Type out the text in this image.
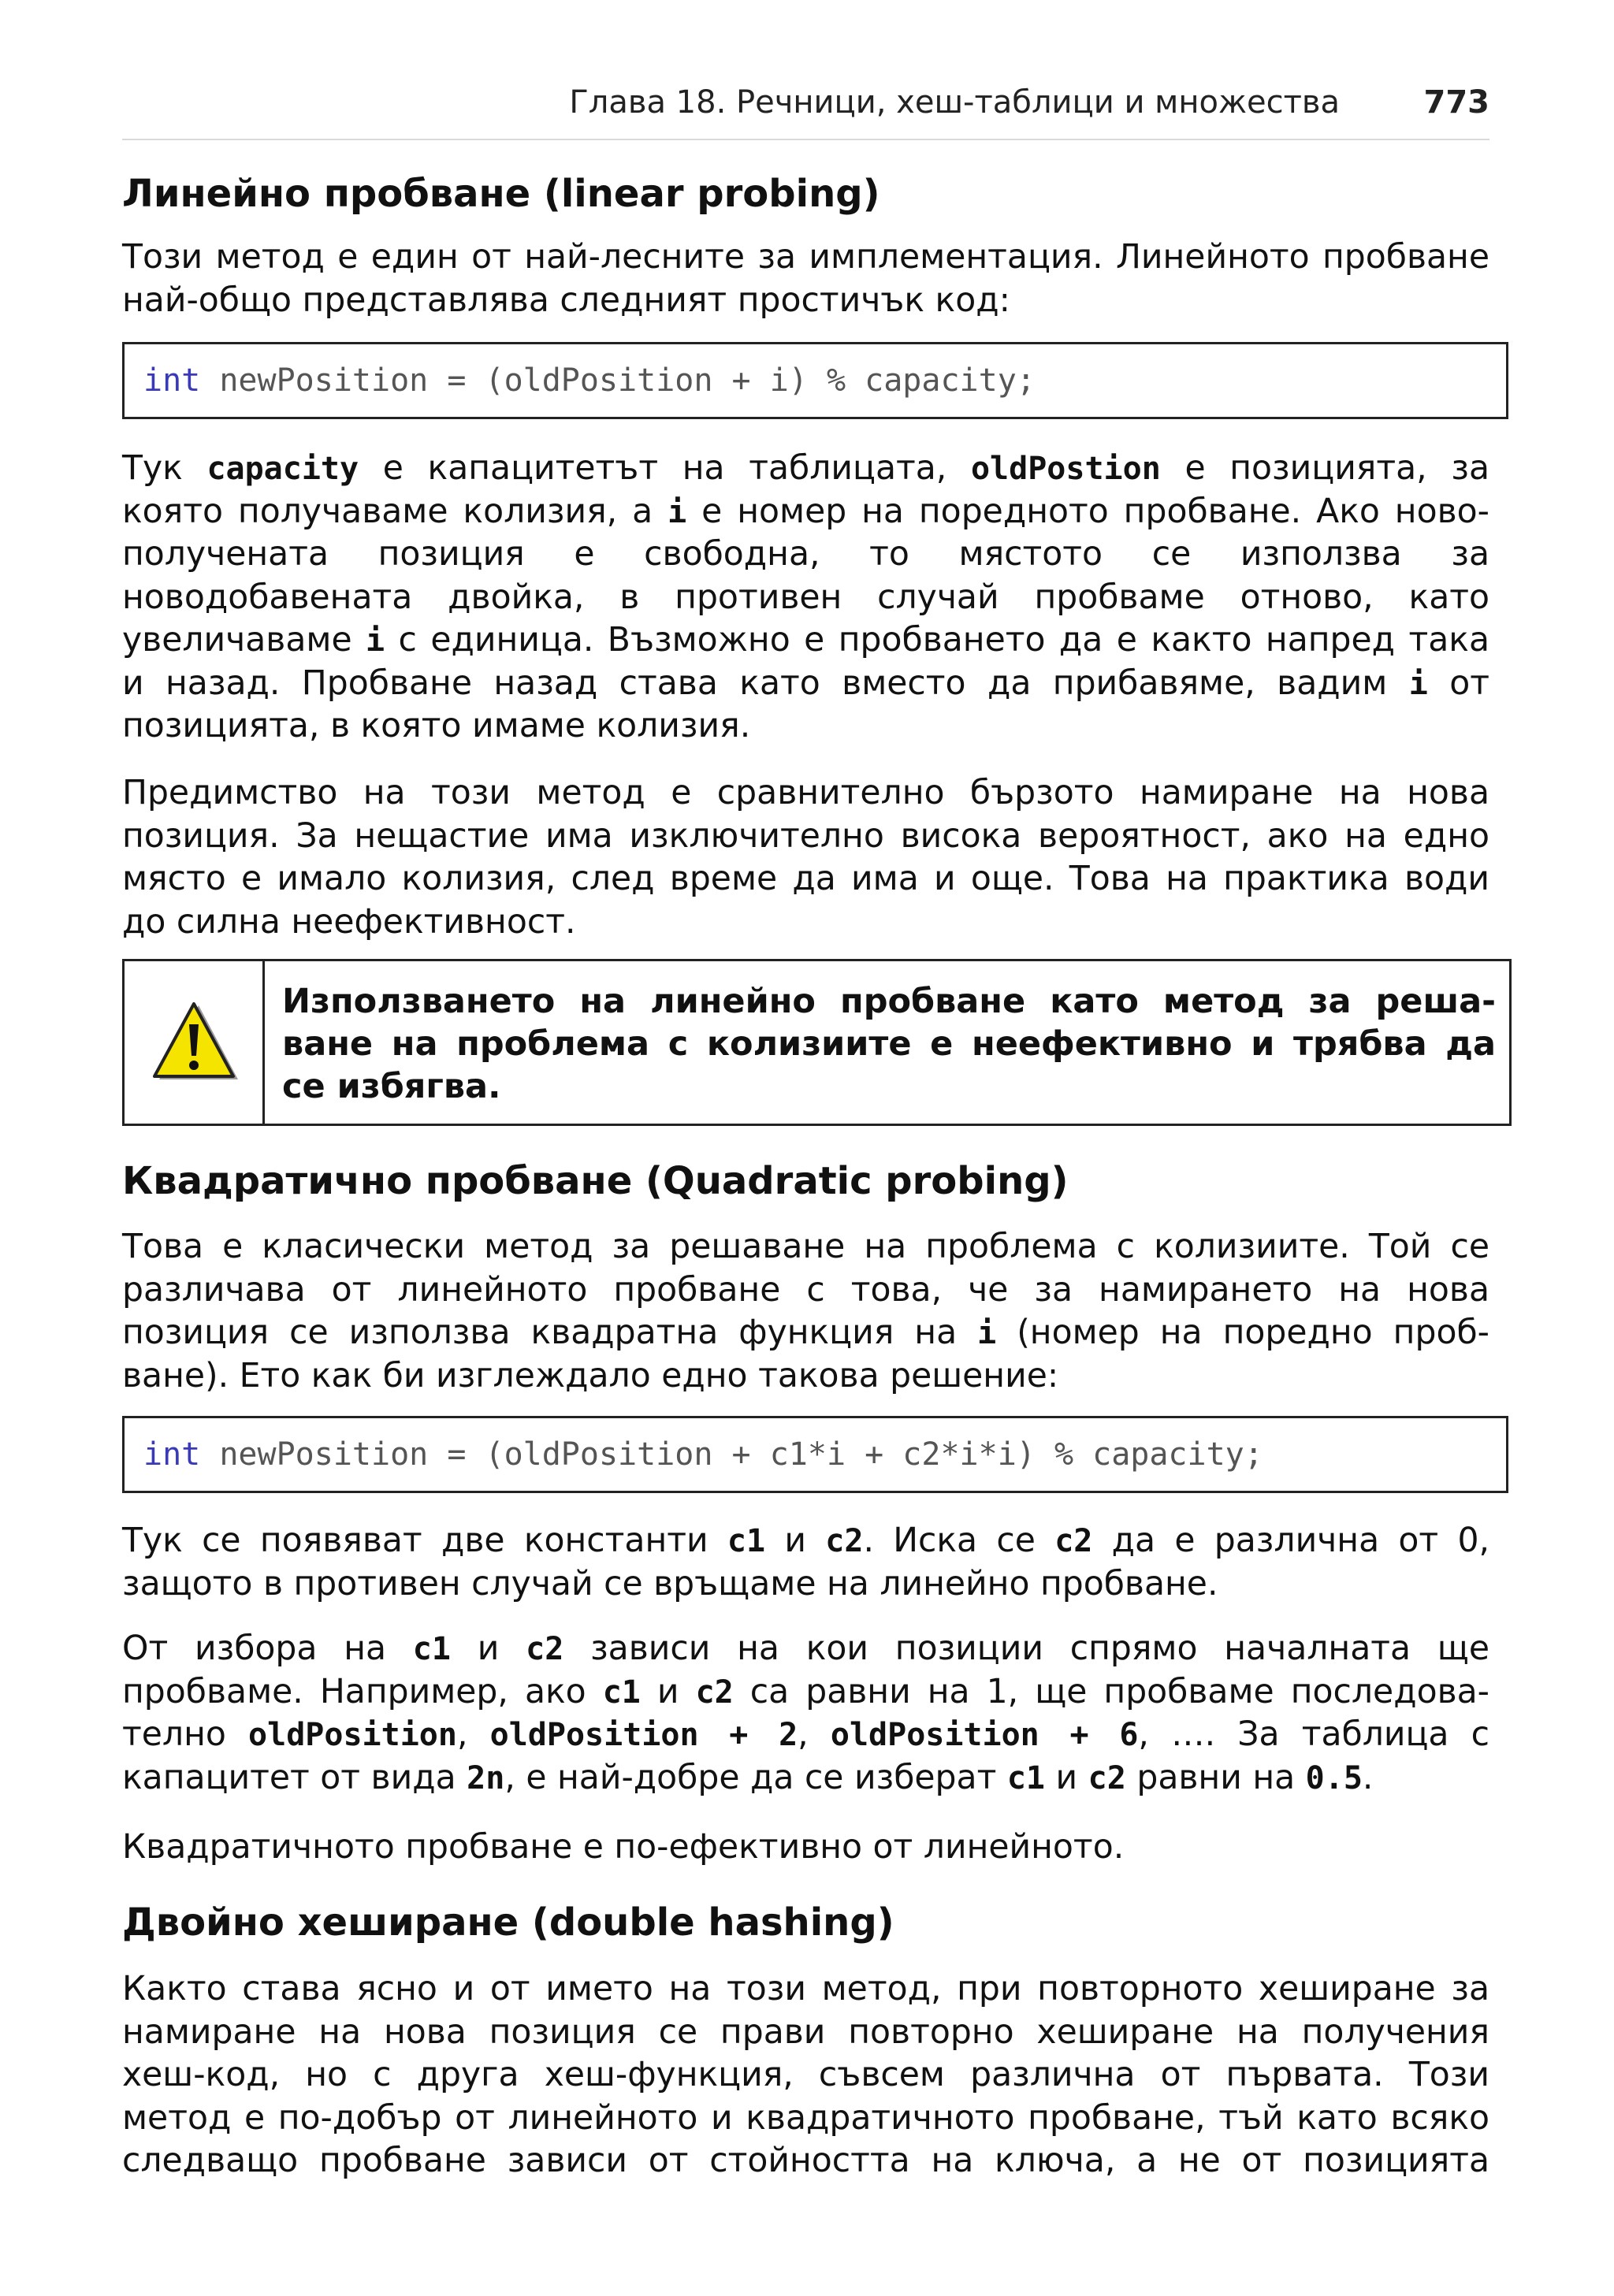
Глава 18. Речници, хеш-таблици и множества	773
Линейно пробване (linear probing)
Този метод е един от най-лесните за имплементация. Линейното пробване
най-общо представлява следният простичък код:
int newPosition = (oldPosition + i) % capacity;
Тук capacity е капацитетът на таблицата, oldPostion е позицията, за
която получаваме колизия, а i е номер на поредното пробване. Ако ново-
получената позиция е свободна, то мястото се използва за
новодобавената двойка, в противен случай пробваме отново, като
увеличаваме i с единица. Възможно е пробването да е както напред така
и назад. Пробване назад става като вместо да прибавяме, вадим i от
позицията, в която имаме колизия.
Предимство на този метод е сравнително бързото намиране на нова
позиция. За нещастие има изключително висока вероятност, ако на едно
място е имало колизия, след време да има и още. Това на практика води
до силна неефективност.
Използването на линейно пробване като метод за реша-
ване на проблема с колизиите е неефективно и трябва да
се избягва.
Квадратично пробване (Quadratic probing)
Това е класически метод за решаване на проблема с колизиите. Той се
различава от линейното пробване с това, че за намирането на нова
позиция се използва квадратна функция на i (номер на поредно проб-
ване). Ето как би изглеждало едно такова решение:
int newPosition = (oldPosition + c1*i + c2*i*i) % capacity;
Тук се появяват две константи c1 и c2. Иска се c2 да е различна от 0,
защото в противен случай се връщаме на линейно пробване.
От избора на c1 и c2 зависи на кои позиции спрямо началната ще
пробваме. Например, ако c1 и c2 са равни на 1, ще пробваме последова-
телно oldPosition, oldPosition + 2, oldPosition + 6, …. За таблица с
капацитет от вида 2n, е най-добре да се изберат c1 и c2 равни на 0.5.
Квадратичното пробване е по-ефективно от линейното.
Двойно хеширане (double hashing)
Както става ясно и от името на този метод, при повторното хеширане за
намиране на нова позиция се прави повторно хеширане на получения
хеш-код, но с друга хеш-функция, съвсем различна от първата. Този
метод е по-добър от линейното и квадратичното пробване, тъй като всяко
следващо пробване зависи от стойността на ключа, а не от позицията
